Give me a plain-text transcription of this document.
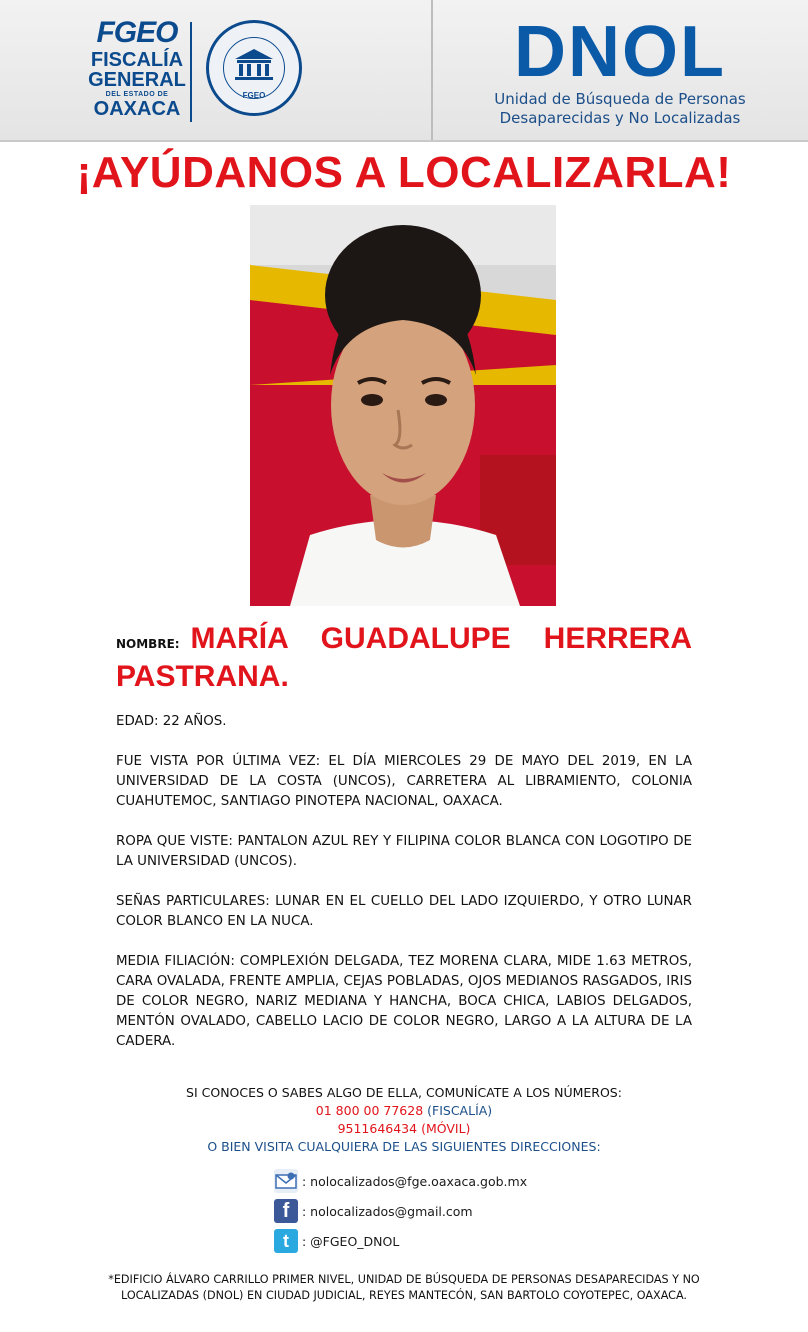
FGEO
FISCALÍA
GENERAL
DEL ESTADO DE
OAXACA
FGEO
DNOL
Unidad de Búsqueda de Personas
Desaparecidas y No Localizadas
¡AYÚDANOS A LOCALIZARLA!
NOMBRE: MARÍA GUADALUPE HERRERA PASTRANA.

EDAD: 22 AÑOS.

FUE VISTA POR ÚLTIMA VEZ: EL DÍA MIERCOLES 29 DE MAYO DEL 2019, EN LA UNIVERSIDAD DE LA COSTA (UNCOS), CARRETERA AL LIBRAMIENTO, COLONIA CUAHUTEMOC, SANTIAGO PINOTEPA NACIONAL, OAXACA.

ROPA QUE VISTE: PANTALON AZUL REY Y FILIPINA COLOR BLANCA CON LOGOTIPO DE LA UNIVERSIDAD (UNCOS).

SEÑAS PARTICULARES: LUNAR EN EL CUELLO DEL LADO IZQUIERDO, Y OTRO LUNAR COLOR BLANCO EN LA NUCA.

MEDIA FILIACIÓN: COMPLEXIÓN DELGADA, TEZ MORENA CLARA, MIDE 1.63 METROS, CARA OVALADA, FRENTE AMPLIA, CEJAS POBLADAS, OJOS MEDIANOS RASGADOS, IRIS DE COLOR NEGRO, NARIZ MEDIANA Y HANCHA, BOCA CHICA, LABIOS DELGADOS, MENTÓN OVALADO, CABELLO LACIO DE COLOR NEGRO, LARGO A LA ALTURA DE LA CADERA.

SI CONOCES O SABES ALGO DE ELLA, COMUNÍCATE A LOS NÚMEROS:
01 800 00 77628 (FISCALÍA)
9511646434 (MÓVIL)
O BIEN VISITA CUALQUIERA DE LAS SIGUIENTES DIRECCIONES:
: nolocalizados@fge.oaxaca.gob.mx
f	: nolocalizados@gmail.com
t	: @FGEO_DNOL
*EDIFICIO ÁLVARO CARRILLO PRIMER NIVEL, UNIDAD DE BÚSQUEDA DE PERSONAS DESAPARECIDAS Y NO
LOCALIZADAS (DNOL) EN CIUDAD JUDICIAL, REYES MANTECÓN, SAN BARTOLO COYOTEPEC, OAXACA.
